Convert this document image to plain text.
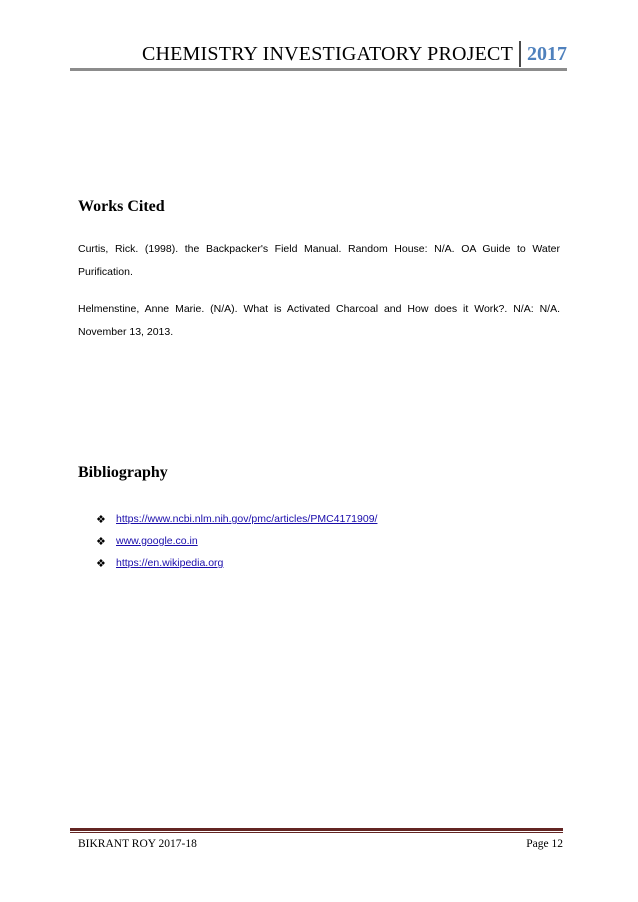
CHEMISTRY INVESTIGATORY PROJECT 2017
Works Cited

Curtis, Rick. (1998). the Backpacker's Field Manual. Random House: N/A. OA Guide to Water Purification.

Helmenstine, Anne Marie. (N/A). What is Activated Charcoal and How does it Work?. N/A: N/A. November 13, 2013.

Bibliography
❖ https://www.ncbi.nlm.nih.gov/pmc/articles/PMC4171909/
❖ www.google.co.in
❖ https://en.wikipedia.org
BIKRANT ROY 2017-18	Page 12
